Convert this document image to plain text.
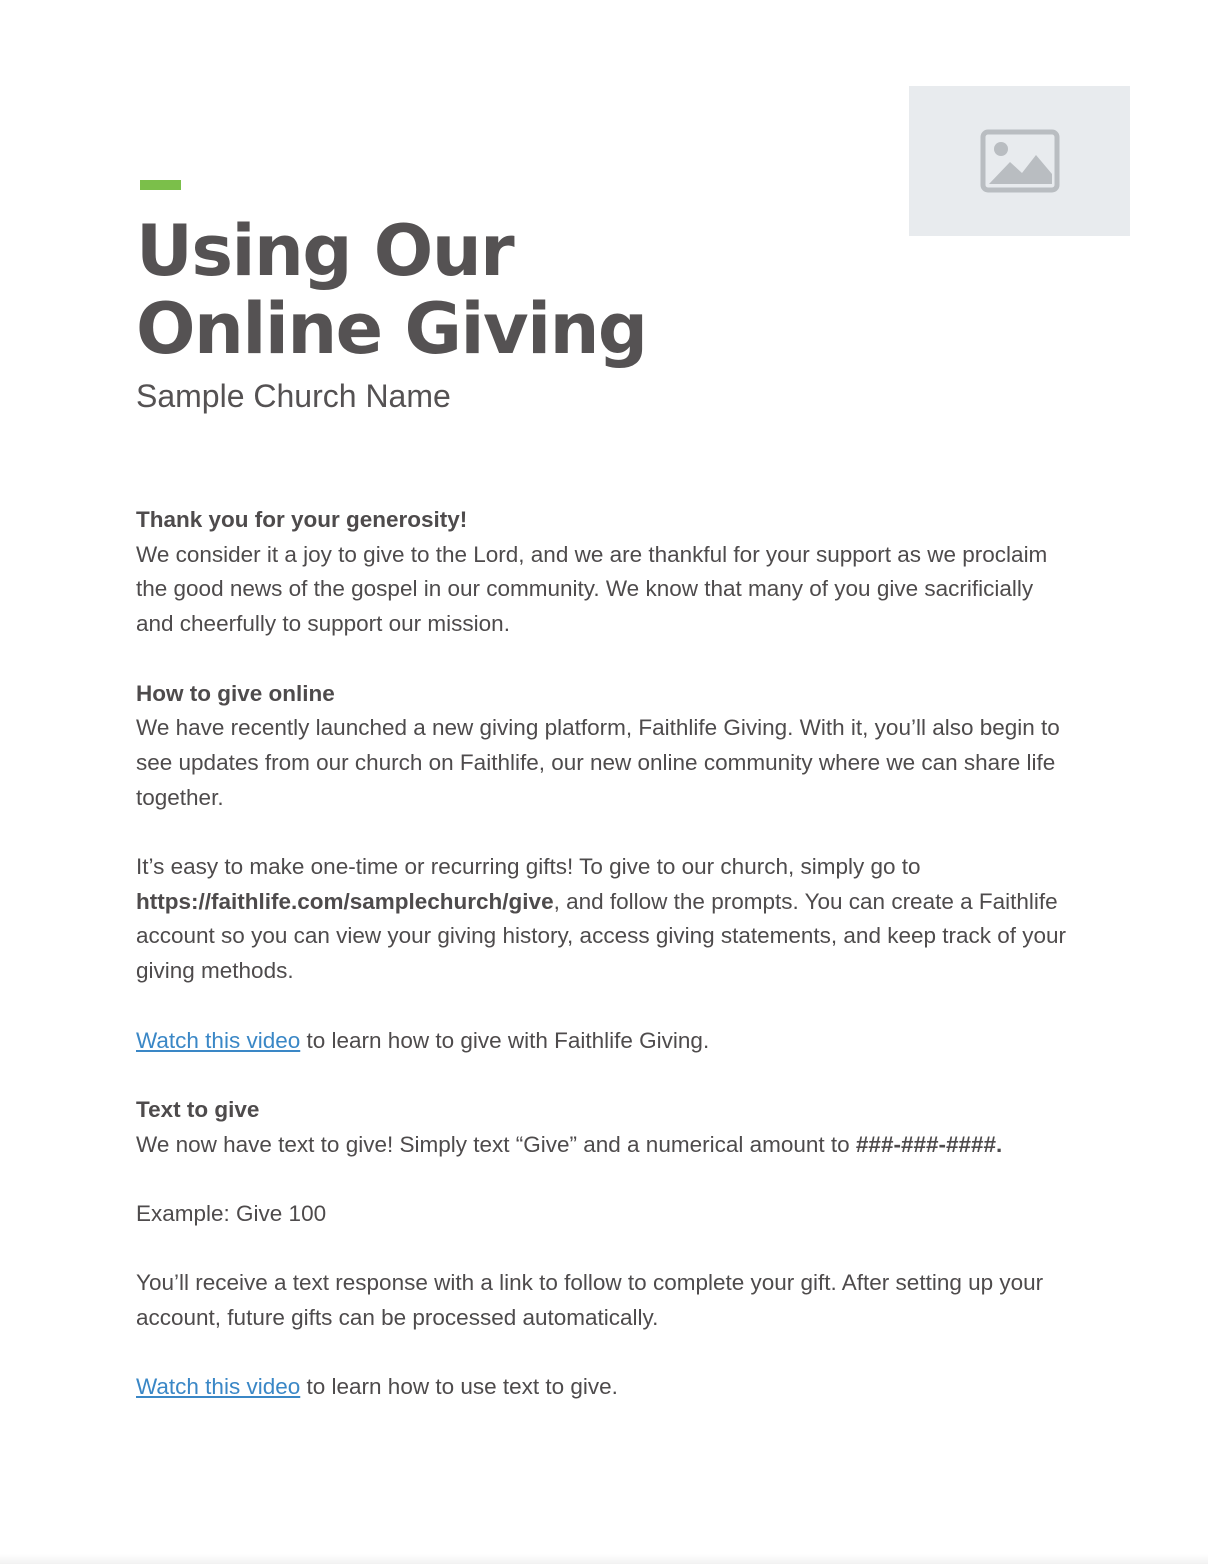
Using Our
Online Giving
Sample Church Name

Thank you for your generosity!
We consider it a joy to give to the Lord, and we are thankful for your support as we proclaim the good news of the gospel in our community. We know that many of you give sacrificially and cheerfully to support our mission.

How to give online
We have recently launched a new giving platform, Faithlife Giving. With it, you’ll also begin to see updates from our church on Faithlife, our new online community where we can share life together.

It’s easy to make one-time or recurring gifts! To give to our church, simply go to https://faithlife.com/samplechurch/give, and follow the prompts. You can create a Faithlife account so you can view your giving history, access giving statements, and keep track of your giving methods.

Watch this video to learn how to give with Faithlife Giving.

Text to give
We now have text to give! Simply text “Give” and a numerical amount to ###-###-####.

Example: Give 100

You’ll receive a text response with a link to follow to complete your gift. After setting up your account, future gifts can be processed automatically.

Watch this video to learn how to use text to give.
